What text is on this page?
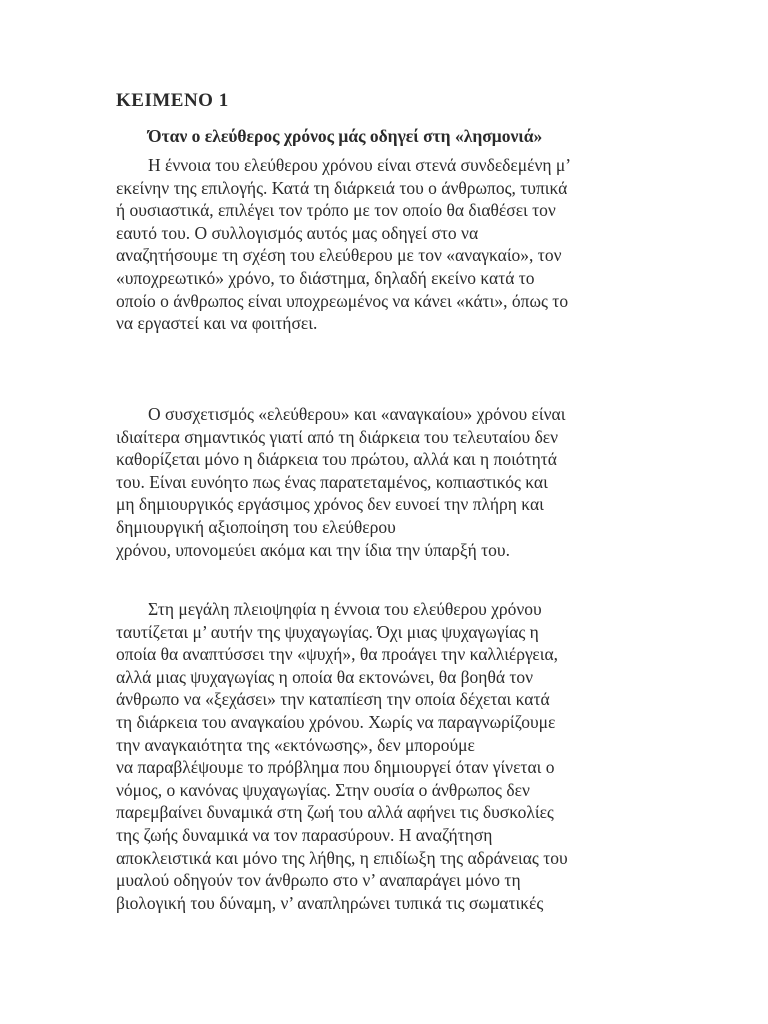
ΚΕΙΜΕΝΟ 1
Όταν ο ελεύθερος χρόνος μάς οδηγεί στη «λησμονιά»
Η έννοια του ελεύθερου χρόνου είναι στενά συνδεδεμένη μ’
εκείνην της επιλογής. Κατά τη διάρκειά του ο άνθρωπος, τυπικά
ή ουσιαστικά, επιλέγει τον τρόπο με τον οποίο θα διαθέσει τον
εαυτό του. Ο συλλογισμός αυτός μας οδηγεί στο να
αναζητήσουμε τη σχέση του ελεύθερου με τον «αναγκαίο», τον
«υποχρεωτικό» χρόνο, το διάστημα, δηλαδή εκείνο κατά το
οποίο ο άνθρωπος είναι υποχρεωμένος να κάνει «κάτι», όπως το
να εργαστεί και να φοιτήσει.
Ο συσχετισμός «ελεύθερου» και «αναγκαίου» χρόνου είναι
ιδιαίτερα σημαντικός γιατί από τη διάρκεια του τελευταίου δεν
καθορίζεται μόνο η διάρκεια του πρώτου, αλλά και η ποιότητά
του. Είναι ευνόητο πως ένας παρατεταμένος, κοπιαστικός και
μη δημιουργικός εργάσιμος χρόνος δεν ευνοεί την πλήρη και
δημιουργική αξιοποίηση του ελεύθερου
χρόνου, υπονομεύει ακόμα και την ίδια την ύπαρξή του.
Στη μεγάλη πλειοψηφία η έννοια του ελεύθερου χρόνου
ταυτίζεται μ’ αυτήν της ψυχαγωγίας. Όχι μιας ψυχαγωγίας η
οποία θα αναπτύσσει την «ψυχή», θα προάγει την καλλιέργεια,
αλλά μιας ψυχαγωγίας η οποία θα εκτονώνει, θα βοηθά τον
άνθρωπο να «ξεχάσει» την καταπίεση την οποία δέχεται κατά
τη διάρκεια του αναγκαίου χρόνου. Χωρίς να παραγνωρίζουμε
την αναγκαιότητα της «εκτόνωσης», δεν μπορούμε
να παραβλέψουμε το πρόβλημα που δημιουργεί όταν γίνεται ο
νόμος, ο κανόνας ψυχαγωγίας. Στην ουσία ο άνθρωπος δεν
παρεμβαίνει δυναμικά στη ζωή του αλλά αφήνει τις δυσκολίες
της ζωής δυναμικά να τον παρασύρουν. Η αναζήτηση
αποκλειστικά και μόνο της λήθης, η επιδίωξη της αδράνειας του
μυαλού οδηγούν τον άνθρωπο στο ν’ αναπαράγει μόνο τη
βιολογική του δύναμη, ν’ αναπληρώνει τυπικά τις σωματικές
